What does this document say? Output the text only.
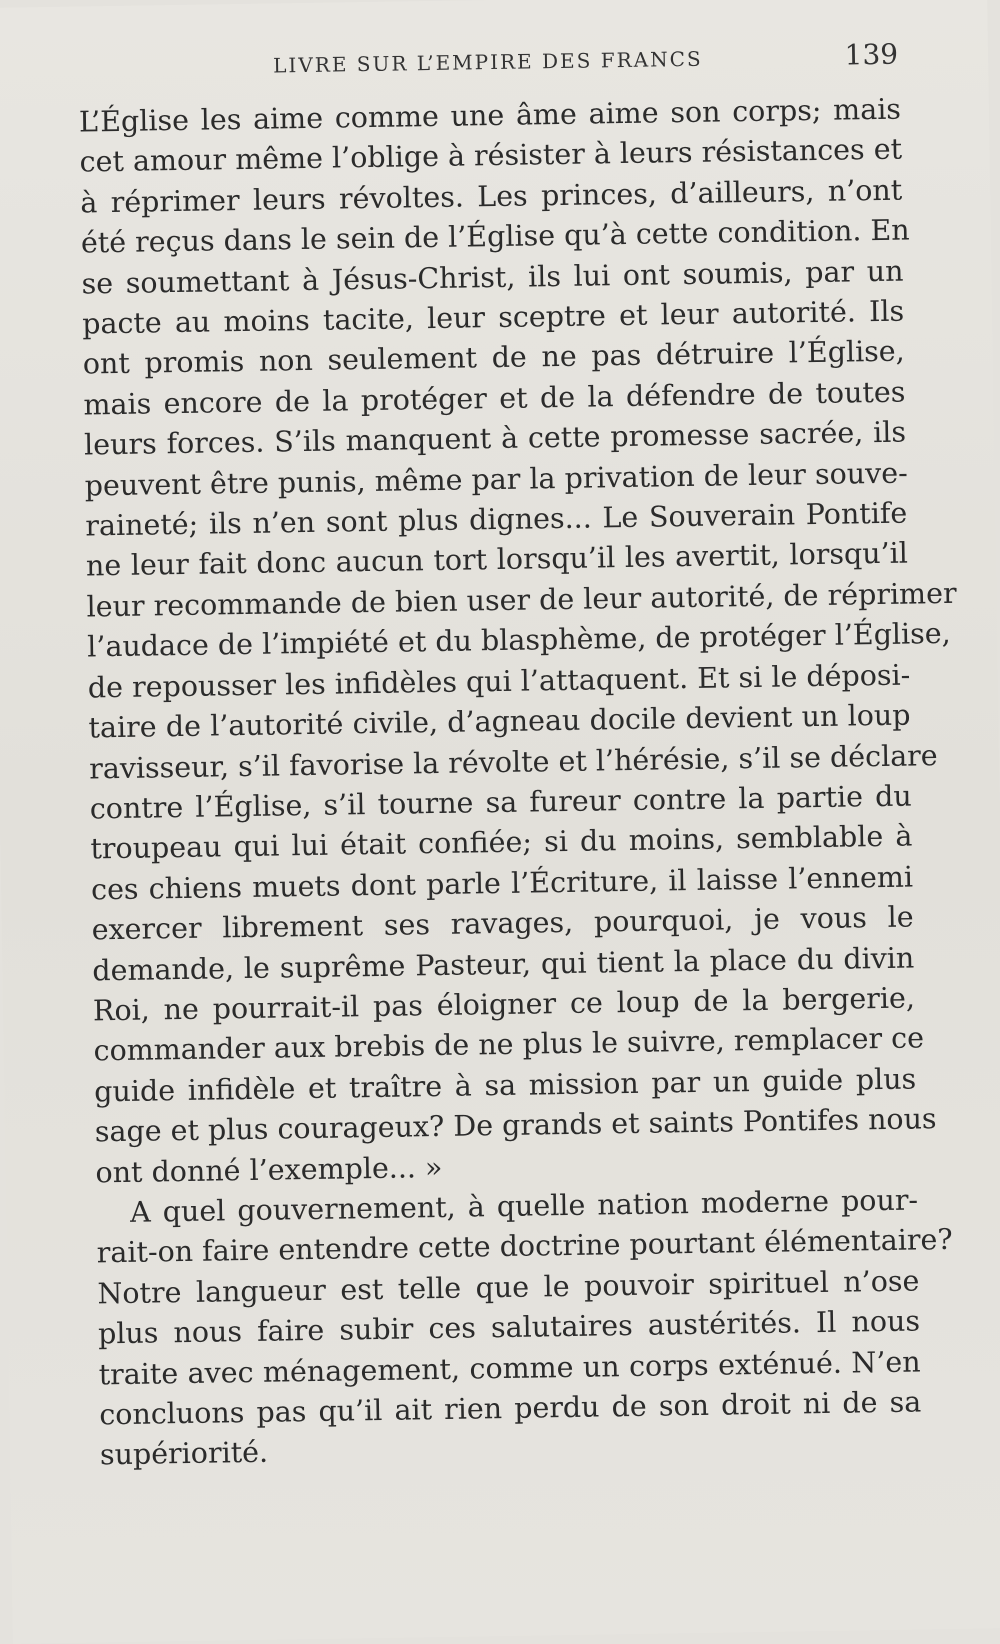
LIVRE SUR L’EMPIRE DES FRANCS	139
L’Église les aime comme une âme aime son corps; mais
cet amour même l’oblige à résister à leurs résistances et
à réprimer leurs révoltes. Les princes, d’ailleurs, n’ont
été reçus dans le sein de l’Église qu’à cette condition. En
se soumettant à Jésus-Christ, ils lui ont soumis, par un
pacte au moins tacite, leur sceptre et leur autorité. Ils
ont promis non seulement de ne pas détruire l’Église,
mais encore de la protéger et de la défendre de toutes
leurs forces. S’ils manquent à cette promesse sacrée, ils
peuvent être punis, même par la privation de leur souve-
raineté; ils n’en sont plus dignes... Le Souverain Pontife
ne leur fait donc aucun tort lorsqu’il les avertit, lorsqu’il
leur recommande de bien user de leur autorité, de réprimer
l’audace de l’impiété et du blasphème, de protéger l’Église,
de repousser les infidèles qui l’attaquent. Et si le déposi-
taire de l’autorité civile, d’agneau docile devient un loup
ravisseur, s’il favorise la révolte et l’hérésie, s’il se déclare
contre l’Église, s’il tourne sa fureur contre la partie du
troupeau qui lui était confiée; si du moins, semblable à
ces chiens muets dont parle l’Écriture, il laisse l’ennemi
exercer librement ses ravages, pourquoi, je vous le
demande, le suprême Pasteur, qui tient la place du divin
Roi, ne pourrait-il pas éloigner ce loup de la bergerie,
commander aux brebis de ne plus le suivre, remplacer ce
guide infidèle et traître à sa mission par un guide plus
sage et plus courageux? De grands et saints Pontifes nous
ont donné l’exemple... »
A quel gouvernement, à quelle nation moderne pour-
rait-on faire entendre cette doctrine pourtant élémentaire?
Notre langueur est telle que le pouvoir spirituel n’ose
plus nous faire subir ces salutaires austérités. Il nous
traite avec ménagement, comme un corps exténué. N’en
concluons pas qu’il ait rien perdu de son droit ni de sa
supériorité.
